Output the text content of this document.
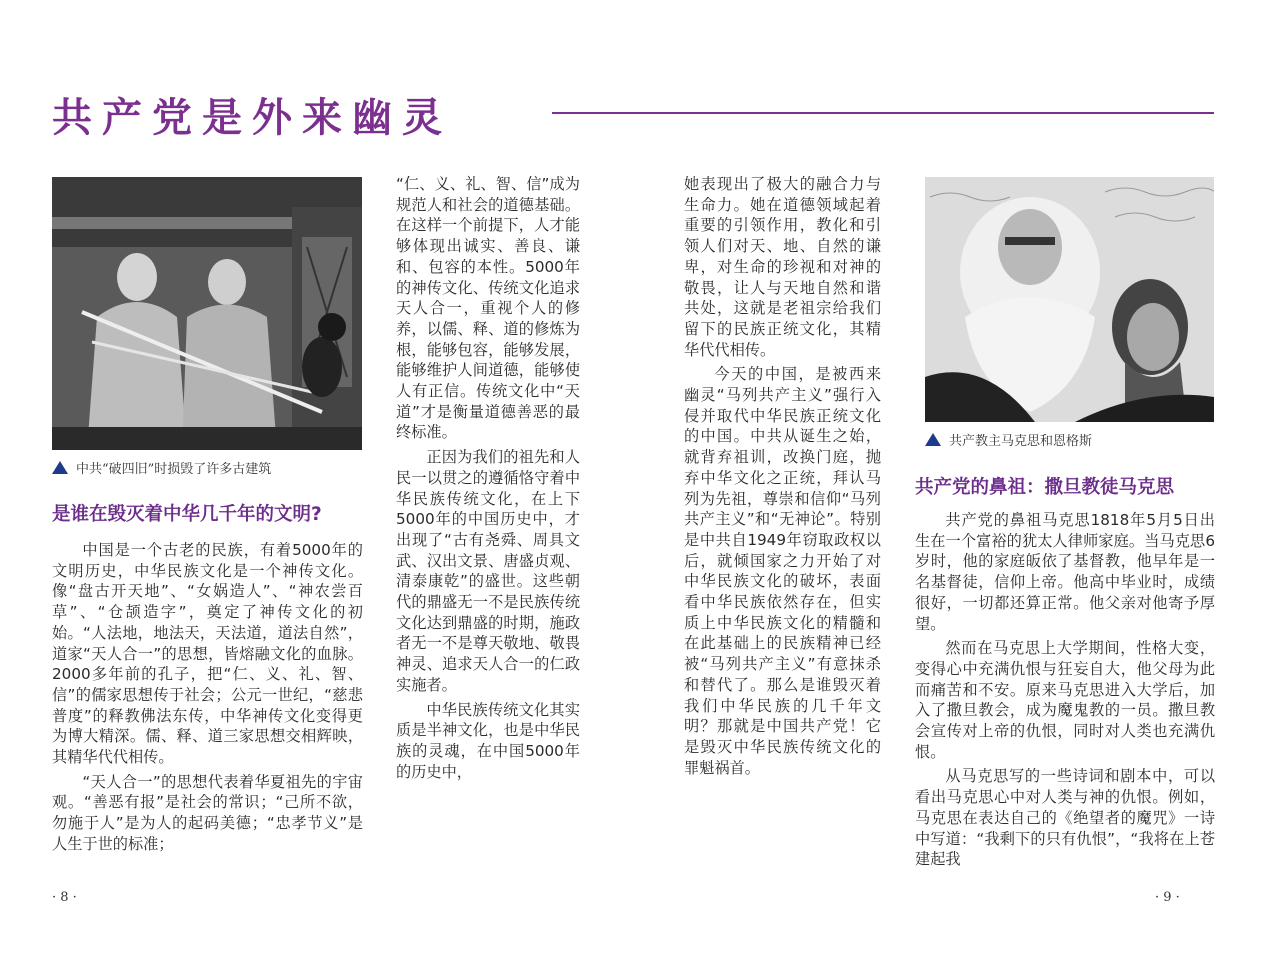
共产党是外来幽灵
中共“破四旧”时损毁了许多古建筑
共产教主马克思和恩格斯
是谁在毁灭着中华几千年的文明?
共产党的鼻祖：撒旦教徒马克思

中国是一个古老的民族，有着5000年的文明历史，中华民族文化是一个神传文化。像“盘古开天地”、“女娲造人”、“神农尝百草”、“仓颉造字”，奠定了神传文化的初始。“人法地，地法天，天法道，道法自然”，道家“天人合一”的思想，皆熔融文化的血脉。2000多年前的孔子，把“仁、义、礼、智、信”的儒家思想传于社会；公元一世纪，“慈悲普度”的释教佛法东传，中华神传文化变得更为博大精深。儒、释、道三家思想交相辉映，其精华代代相传。

“天人合一”的思想代表着华夏祖先的宇宙观。“善恶有报”是社会的常识；“己所不欲，勿施于人”是为人的起码美德；“忠孝节义”是人生于世的标准；

“仁、义、礼、智、信”成为规范人和社会的道德基础。在这样一个前提下，人才能够体现出诚实、善良、谦和、包容的本性。5000年的神传文化、传统文化追求天人合一，重视个人的修养，以儒、释、道的修炼为根，能够包容，能够发展，能够维护人间道德，能够使人有正信。传统文化中“天道”才是衡量道德善恶的最终标准。

正因为我们的祖先和人民一以贯之的遵循恪守着中华民族传统文化，在上下5000年的中国历史中，才出现了“古有尧舜、周具文武、汉出文景、唐盛贞观、清泰康乾”的盛世。这些朝代的鼎盛无一不是民族传统文化达到鼎盛的时期，施政者无一不是尊天敬地、敬畏神灵、追求天人合一的仁政实施者。

中华民族传统文化其实质是半神文化，也是中华民族的灵魂，在中国5000年的历史中，

她表现出了极大的融合力与生命力。她在道德领域起着重要的引领作用，教化和引领人们对天、地、自然的谦卑，对生命的珍视和对神的敬畏，让人与天地自然和谐共处，这就是老祖宗给我们留下的民族正统文化，其精华代代相传。

今天的中国，是被西来幽灵“马列共产主义”强行入侵并取代中华民族正统文化的中国。中共从诞生之始，就背弃祖训，改换门庭，抛弃中华文化之正统，拜认马列为先祖，尊崇和信仰“马列共产主义”和“无神论”。特别是中共自1949年窃取政权以后，就倾国家之力开始了对中华民族文化的破坏，表面看中华民族依然存在，但实质上中华民族文化的精髓和在此基础上的民族精神已经被“马列共产主义”有意抹杀和替代了。那么是谁毁灭着我们中华民族的几千年文明？那就是中国共产党！它是毁灭中华民族传统文化的罪魁祸首。

共产党的鼻祖马克思1818年5月5日出生在一个富裕的犹太人律师家庭。当马克思6岁时，他的家庭皈依了基督教，他早年是一名基督徒，信仰上帝。他高中毕业时，成绩很好，一切都还算正常。他父亲对他寄予厚望。

然而在马克思上大学期间，性格大变，变得心中充满仇恨与狂妄自大，他父母为此而痛苦和不安。原来马克思进入大学后，加入了撒旦教会，成为魔鬼教的一员。撒旦教会宣传对上帝的仇恨，同时对人类也充满仇恨。

从马克思写的一些诗词和剧本中，可以看出马克思心中对人类与神的仇恨。例如，马克思在表达自己的《绝望者的魔咒》一诗中写道：“我剩下的只有仇恨”，“我将在上苍建起我

· 8 ·	· 9 ·
